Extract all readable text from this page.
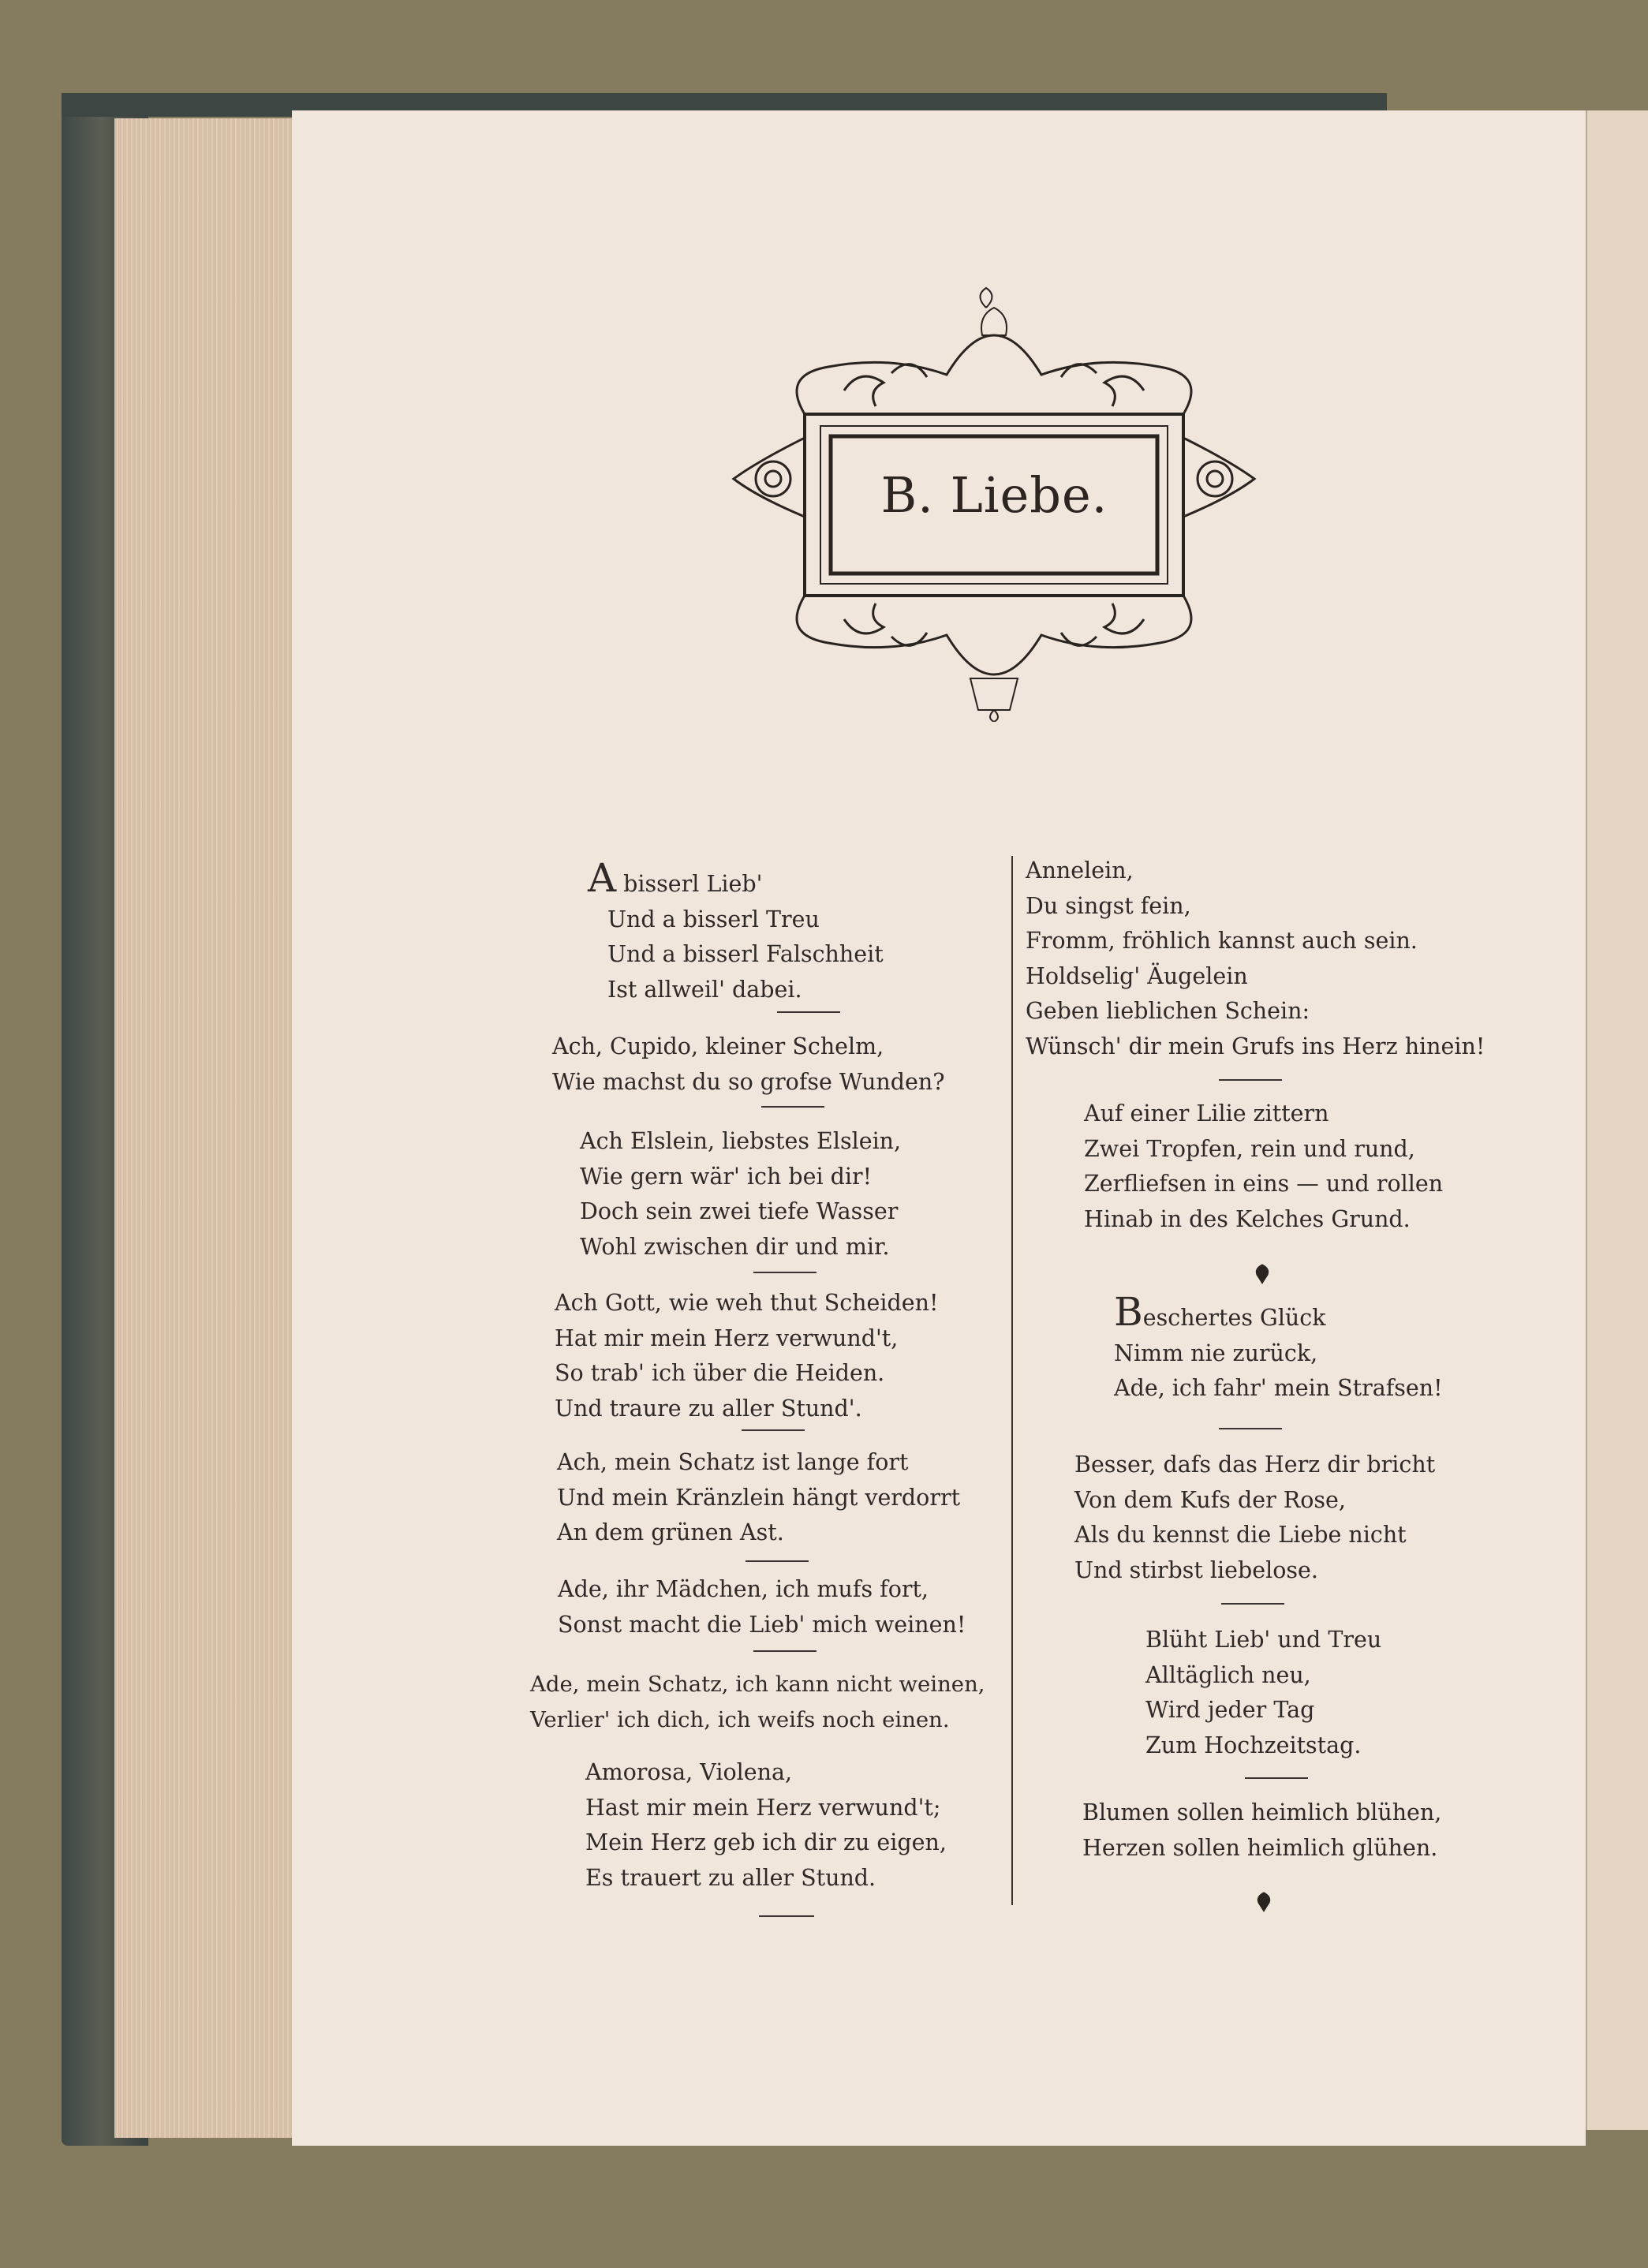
B. Liebe.

A bisserl Lieb'

Und a bisserl Treu

Und a bisserl Falschheit

Ist allweil' dabei.

Ach, Cupido, kleiner Schelm,

Wie machst du so grofse Wunden?

Ach Elslein, liebstes Elslein,

Wie gern wär' ich bei dir!

Doch sein zwei tiefe Wasser

Wohl zwischen dir und mir.

Ach Gott, wie weh thut Scheiden!

Hat mir mein Herz verwund't,

So trab' ich über die Heiden.

Und traure zu aller Stund'.

Ach, mein Schatz ist lange fort

Und mein Kränzlein hängt verdorrt

An dem grünen Ast.

Ade, ihr Mädchen, ich mufs fort,

Sonst macht die Lieb' mich weinen!

Ade, mein Schatz, ich kann nicht weinen,

Verlier' ich dich, ich weifs noch einen.

Amorosa, Violena,

Hast mir mein Herz verwund't;

Mein Herz geb ich dir zu eigen,

Es trauert zu aller Stund.

Annelein,

Du singst fein,

Fromm, fröhlich kannst auch sein.

Holdselig' Äugelein

Geben lieblichen Schein:

Wünsch' dir mein Grufs ins Herz hinein!

Auf einer Lilie zittern

Zwei Tropfen, rein und rund,

Zerfliefsen in eins — und rollen

Hinab in des Kelches Grund.

Beschertes Glück

Nimm nie zurück,

Ade, ich fahr' mein Strafsen!

Besser, dafs das Herz dir bricht

Von dem Kufs der Rose,

Als du kennst die Liebe nicht

Und stirbst liebelose.

Blüht Lieb' und Treu

Alltäglich neu,

Wird jeder Tag

Zum Hochzeitstag.

Blumen sollen heimlich blühen,

Herzen sollen heimlich glühen.
